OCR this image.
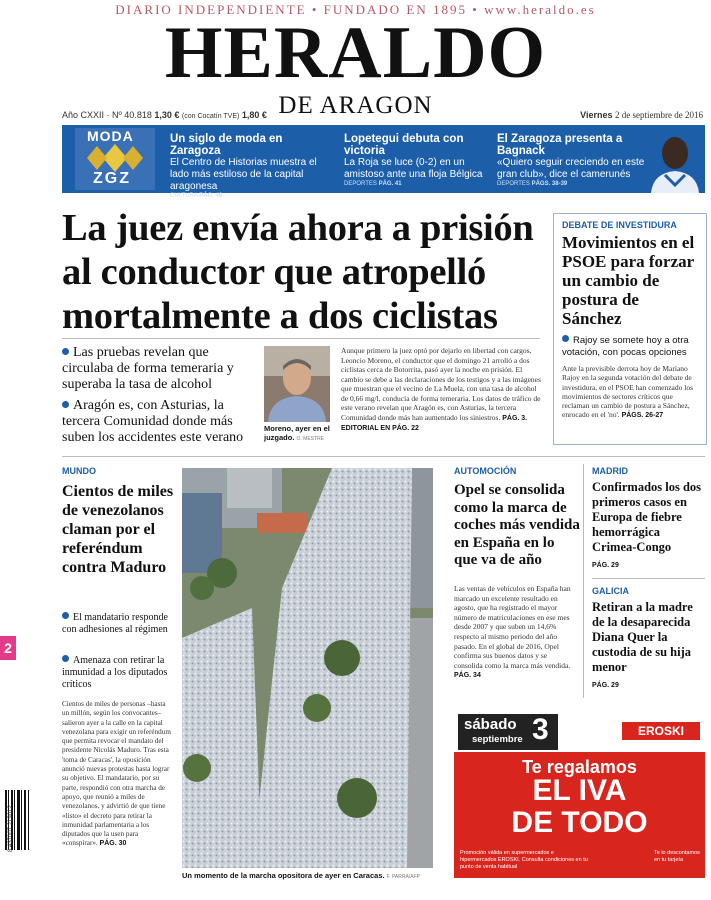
DIARIO INDEPENDIENTE • FUNDADO EN 1895 • www.heraldo.es
HERALDO
DE ARAGON
Año CXXII · Nº 40.818 1,30 € (con Cocatín TVE) 1,80 €	Viernes 2 de septiembre de 2016
MODA
ZGZ
Un siglo de moda en Zaragoza
El Centro de Historias muestra el lado más estiloso de la capital aragonesa
CULTURA PÁG. 46
Lopetegui debuta con victoria
La Roja se luce (0-2) en un amistoso ante una floja Bélgica
DEPORTES PÁG. 41
El Zaragoza presenta a Bagnack
«Quiero seguir creciendo en este gran club», dice el camerunés
DEPORTES PÁGS. 38-39
La juez envía ahora a prisión al conductor que atropelló mortalmente a dos ciclistas
Las pruebas revelan que circulaba de forma temeraria y superaba la tasa de alcohol
Aragón es, con Asturias, la tercera Comunidad donde más suben los accidentes este verano
Moreno, ayer en el juzgado. O. MESTRE
Aunque primero la juez optó por dejarlo en libertad con cargos, Leoncio Moreno, el conductor que el domingo 21 arrolló a dos ciclistas cerca de Botorrita, pasó ayer la noche en prisión. El cambio se debe a las declaraciones de los testigos y a las imágenes que muestran que el vecino de La Muela, con una tasa de alcohol de 0,66 mg/l, conducía de forma temeraria. Los datos de tráfico de este verano revelan que Aragón es, con Asturias, la tercera Comunidad donde más han aumentado los siniestros. PÁG. 3. EDITORIAL EN PÁG. 22
DEBATE DE INVESTIDURA
Movimientos en el PSOE para forzar un cambio de postura de Sánchez
Rajoy se somete hoy a otra votación, con pocas opciones
Ante la previsible derrota hoy de Mariano Rajoy en la segunda votación del debate de investidura, en el PSOE han comenzado los movimientos de sectores críticos que reclaman un cambio de postura a Sánchez, enrocado en el 'no'. PÁGS. 26-27
MUNDO
Cientos de miles de venezolanos claman por el referéndum contra Maduro
El mandatario responde con adhesiones al régimen
Amenaza con retirar la inmunidad a los diputados críticos
Cientos de miles de personas –hasta un millón, según los convocantes– salieron ayer a la calle en la capital venezolana para exigir un referéndum que permita revocar el mandato del presidente Nicolás Maduro. Tras esta 'toma de Caracas', la oposición anunció nuevas protestas hasta lograr su objetivo. El mandatario, por su parte, respondió con otra marcha de apoyo, que reunió a miles de venezolanos, y advirtió de que tiene «listo» el decreto para retirar la inmunidad parlamentaria a los diputados que la usen para «conspirar». PÁG. 30
Un momento de la marcha opositora de ayer en Caracas. F. PARRA/AFP
AUTOMOCIÓN
Opel se consolida como la marca de coches más vendida en España en lo que va de año
Las ventas de vehículos en España han marcado un excelente resultado en agosto, que ha registrado el mayor número de matriculaciones en ese mes desde 2007 y que suben un 14,6% respecto al mismo periodo del año pasado. En el global de 2016, Opel confirma sus buenos datos y se consolida como la marca más vendida. PÁG. 34
MADRID
Confirmados los dos primeros casos en Europa de fiebre hemorrágica Crimea-Congo
PÁG. 29
GALICIA
Retiran a la madre de la desaparecida Diana Quer la custodia de su hija menor
PÁG. 29
sábado 3
septiembre
EROSKI
Te regalamos
EL IVA
DE TODO
Promoción válida en supermercados e hipermercados EROSKI. Consulta condiciones en tu punto de venta habitual
Te lo descontamos en tu tarjeta
2
8 437007 219012
